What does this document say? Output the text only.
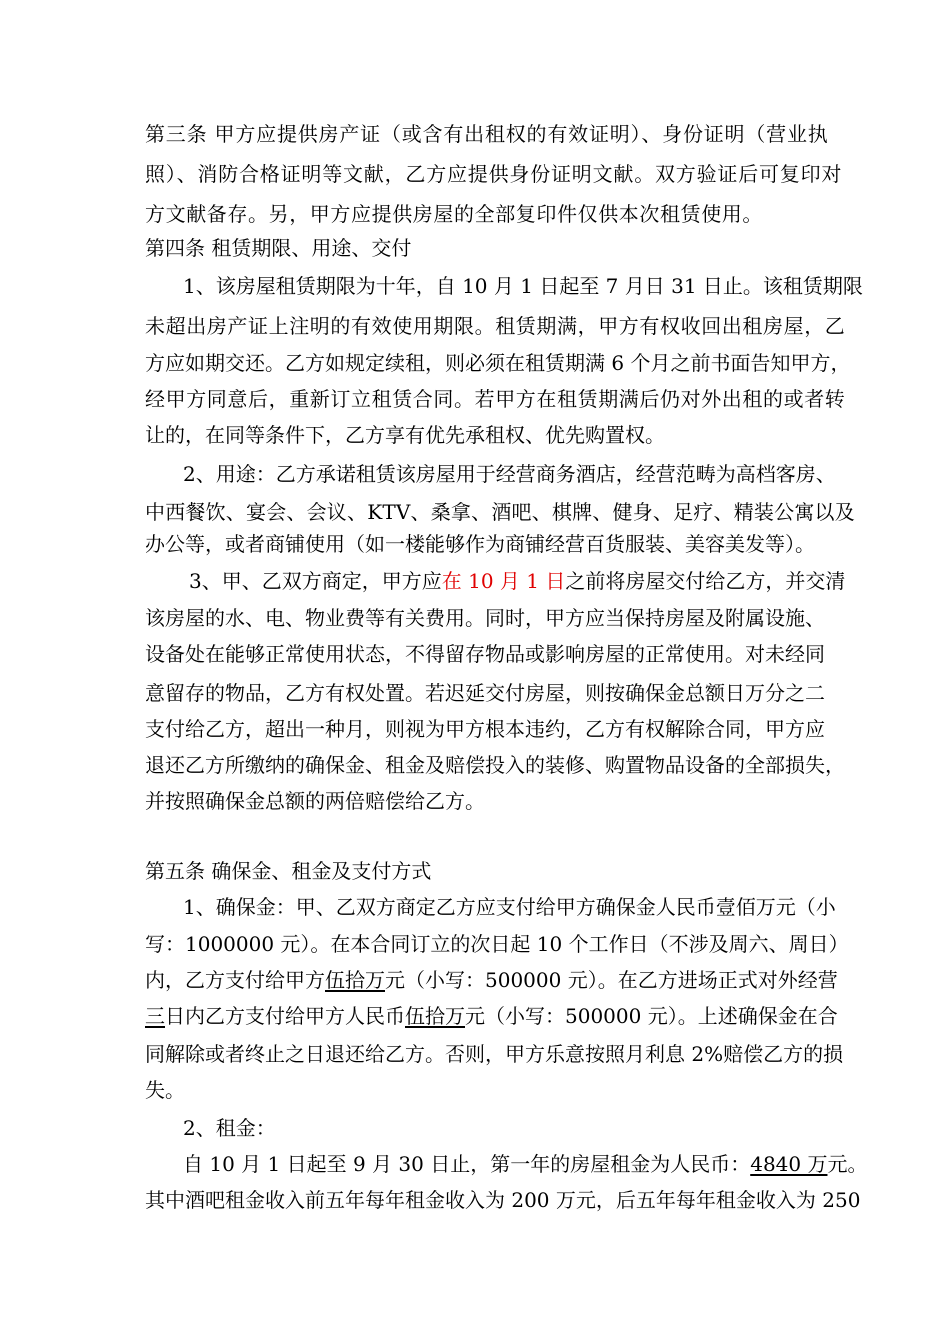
第三条 甲方应提供房产证（或含有出租权的有效证明）、身份证明（营业执
照）、消防合格证明等文献，乙方应提供身份证明文献。双方验证后可复印对
方文献备存。另，甲方应提供房屋的全部复印件仅供本次租赁使用。
第四条 租赁期限、用途、交付
1、该房屋租赁期限为十年，自 10 月 1 日起至 7 月日 31 日止。该租赁期限
未超出房产证上注明的有效使用期限。租赁期满，甲方有权收回出租房屋，乙
方应如期交还。乙方如规定续租，则必须在租赁期满 6 个月之前书面告知甲方，
经甲方同意后，重新订立租赁合同。若甲方在租赁期满后仍对外出租的或者转
让的，在同等条件下，乙方享有优先承租权、优先购置权。
2、用途：乙方承诺租赁该房屋用于经营商务酒店，经营范畴为高档客房、
中西餐饮、宴会、会议、KTV、桑拿、酒吧、棋牌、健身、足疗、精装公寓以及
办公等，或者商铺使用（如一楼能够作为商铺经营百货服装、美容美发等）。
3、甲、乙双方商定，甲方应在 10 月 1 日之前将房屋交付给乙方，并交清
该房屋的水、电、物业费等有关费用。同时，甲方应当保持房屋及附属设施、
设备处在能够正常使用状态，不得留存物品或影响房屋的正常使用。对未经同
意留存的物品，乙方有权处置。若迟延交付房屋，则按确保金总额日万分之二
支付给乙方，超出一种月，则视为甲方根本违约，乙方有权解除合同，甲方应
退还乙方所缴纳的确保金、租金及赔偿投入的装修、购置物品设备的全部损失，
并按照确保金总额的两倍赔偿给乙方。
第五条 确保金、租金及支付方式
1、确保金：甲、乙双方商定乙方应支付给甲方确保金人民币壹佰万元（小
写：1000000 元）。在本合同订立的次日起 10 个工作日（不涉及周六、周日）
内，乙方支付给甲方伍拾万元（小写：500000 元）。在乙方进场正式对外经营
三日内乙方支付给甲方人民币伍拾万元（小写：500000 元）。上述确保金在合
同解除或者终止之日退还给乙方。否则，甲方乐意按照月利息 2%赔偿乙方的损
失。
2、租金：
自 10 月 1 日起至 9 月 30 日止，第一年的房屋租金为人民币：4840 万元。
其中酒吧租金收入前五年每年租金收入为 200 万元，后五年每年租金收入为 250
